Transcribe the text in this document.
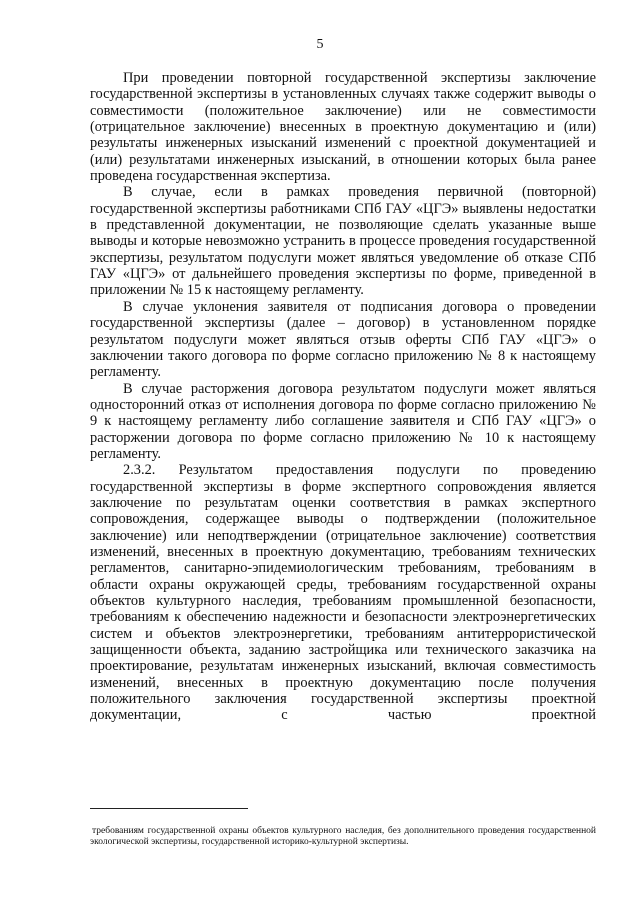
5

При проведении повторной государственной экспертизы заключение государственной экспертизы в установленных случаях также содержит выводы о совместимости (положительное заключение) или не совместимости (отрицательное заключение) внесенных в проектную документацию и (или) результаты инженерных изысканий изменений с проектной документацией и (или) результатами инженерных изысканий, в отношении которых была ранее проведена государственная экспертиза.

В случае, если в рамках проведения первичной (повторной) государственной экспертизы работниками СПб ГАУ «ЦГЭ» выявлены недостатки в представленной документации, не позволяющие сделать указанные выше выводы и которые невозможно устранить в процессе проведения государственной экспертизы, результатом подуслуги может являться уведомление об отказе СПб ГАУ «ЦГЭ» от дальнейшего проведения экспертизы по форме, приведенной в приложении № 15 к настоящему регламенту.

В случае уклонения заявителя от подписания договора о проведении государственной экспертизы (далее – договор) в установленном порядке результатом подуслуги может являться отзыв оферты СПб ГАУ «ЦГЭ» о заключении такого договора по форме согласно приложению № 8 к настоящему регламенту.

В случае расторжения договора результатом подуслуги может являться односторонний отказ от исполнения договора по форме согласно приложению № 9 к настоящему регламенту либо соглашение заявителя и СПб ГАУ «ЦГЭ» о расторжении договора по форме согласно приложению № 10 к настоящему регламенту.

2.3.2. Результатом предоставления подуслуги по проведению государственной экспертизы в форме экспертного сопровождения является заключение по результатам оценки соответствия в рамках экспертного сопровождения, содержащее выводы о подтверждении (положительное заключение) или неподтверждении (отрицательное заключение) соответствия изменений, внесенных в проектную документацию, требованиям технических регламентов, санитарно-эпидемиологическим требованиям, требованиям в области охраны окружающей среды, требованиям государственной охраны объектов культурного наследия, требованиям промышленной безопасности, требованиям к обеспечению надежности и безопасности электроэнергетических систем и объектов электроэнергетики, требованиям антитеррористической защищенности объекта, заданию застройщика или технического заказчика на проектирование, результатам инженерных изысканий, включая совместимость изменений, внесенных в проектную документацию после получения положительного заключения государственной экспертизы проектной документации, с частью проектной

требованиям государственной охраны объектов культурного наследия, без дополнительного проведения государственной экологической экспертизы, государственной историко-культурной экспертизы.
